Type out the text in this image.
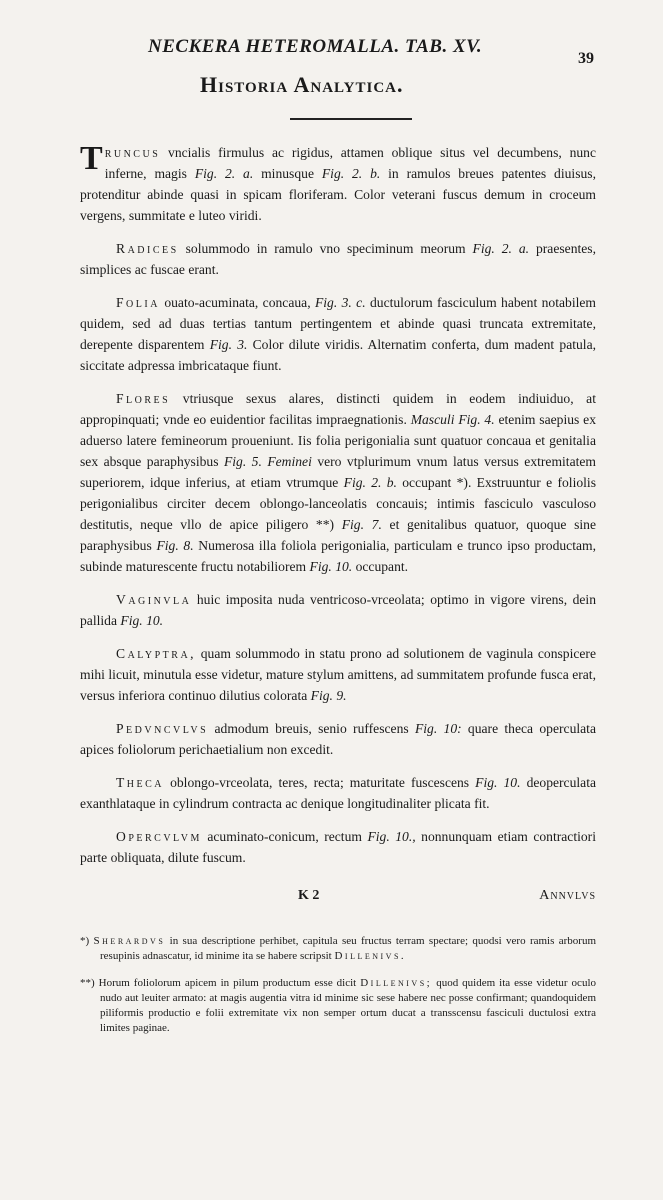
NECKERA HETEROMALLA. TAB. XV.
39
Historia Analytica.

Truncus vncialis firmulus ac rigidus, attamen oblique situs vel decumbens, nunc inferne, magis Fig. 2. a. minusque Fig. 2. b. in ramulos breues patentes diuisus, protenditur abinde quasi in spicam floriferam. Color veterani fuscus demum in croceum vergens, summitate e luteo viridi.

Radices solummodo in ramulo vno speciminum meorum Fig. 2. a. praesentes, simplices ac fuscae erant.

Folia ouato-acuminata, concaua, Fig. 3. c. ductulorum fasciculum habent notabilem quidem, sed ad duas tertias tantum pertingentem et abinde quasi truncata extremitate, derepente disparentem Fig. 3. Color dilute viridis. Alternatim conferta, dum madent patula, siccitate adpressa imbricataque fiunt.

Flores vtriusque sexus alares, distincti quidem in eodem indiuiduo, at appropinquati; vnde eo euidentior facilitas impraegnationis. Masculi Fig. 4. etenim saepius ex aduerso latere femineorum proueniunt. Iis folia perigonialia sunt quatuor concaua et genitalia sex absque paraphysibus Fig. 5. Feminei vero vtplurimum vnum latus versus extremitatem superiorem, idque inferius, at etiam vtrumque Fig. 2. b. occupant *). Exstruuntur e foliolis perigonialibus circiter decem oblongo-lanceolatis concauis; intimis fasciculo vasculoso destitutis, neque vllo de apice piligero **) Fig. 7. et genitalibus quatuor, quoque sine paraphysibus Fig. 8. Numerosa illa foliola perigonialia, particulam e trunco ipso productam, subinde maturescente fructu notabiliorem Fig. 10. occupant.

Vaginvla huic imposita nuda ventricoso-vrceolata; optimo in vigore virens, dein pallida Fig. 10.

Calyptra, quam solummodo in statu prono ad solutionem de vaginula conspicere mihi licuit, minutula esse videtur, mature stylum amittens, ad summitatem profunde fusca erat, versus inferiora continuo dilutius colorata Fig. 9.

Pedvncvlvs admodum breuis, senio ruffescens Fig. 10: quare theca operculata apices foliolorum perichaetialium non excedit.

Theca oblongo-vrceolata, teres, recta; maturitate fuscescens Fig. 10. deoperculata exanthlataque in cylindrum contracta ac denique longitudinaliter plicata fit.

Opercvlvm acuminato-conicum, rectum Fig. 10., nonnunquam etiam contractiori parte obliquata, dilute fuscum.

K 2	Annvlvs

*) Sherardvs in sua descriptione perhibet, capitula seu fructus terram spectare; quodsi vero ramis arborum resupinis adnascatur, id minime ita se habere scripsit Dillenivs.

**) Horum foliolorum apicem in pilum productum esse dicit Dillenivs; quod quidem ita esse videtur oculo nudo aut leuiter armato: at magis augentia vitra id minime sic sese habere nec posse confirmant; quandoquidem piliformis productio e folii extremitate vix non semper ortum ducat a transscensu fasciculi ductulosi extra limites paginae.
